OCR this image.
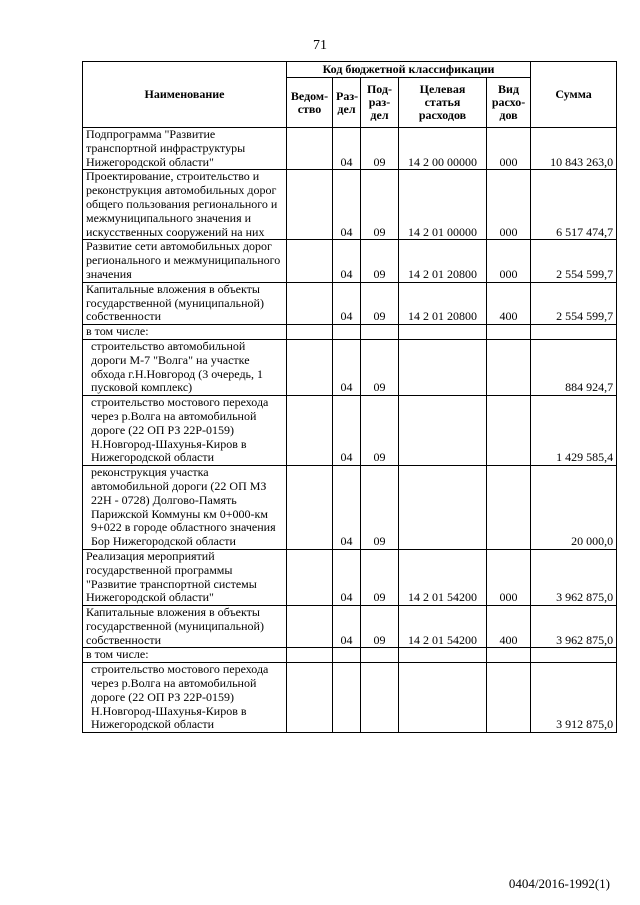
71
Наименование	Код бюджетной классификации					Сумма
	Ведом-ство	Раз-дел	Под-раз-дел	Целевая статья расходов	Вид расхо-дов	
Подпрограмма "Развитие транспортной инфраструктуры Нижегородской области"		04	09	14 2 00 00000	000	10 843 263,0
Проектирование, строительство и реконструкция автомобильных дорог общего пользования регионального и межмуниципального значения и искусственных сооружений на них		04	09	14 2 01 00000	000	6 517 474,7
Развитие сети автомобильных дорог регионального и межмуниципального значения		04	09	14 2 01 20800	000	2 554 599,7
Капитальные вложения в объекты государственной (муниципальной) собственности		04	09	14 2 01 20800	400	2 554 599,7
в том числе:						
строительство автомобильной дороги М-7 "Волга" на участке обхода г.Н.Новгород (3 очередь, 1 пусковой комплекс)		04	09			884 924,7
строительство мостового перехода через р.Волга на автомобильной дороге (22 ОП РЗ 22Р-0159) Н.Новгород-Шахунья-Киров в Нижегородской области		04	09			1 429 585,4
реконструкция участка автомобильной дороги (22 ОП МЗ 22Н - 0728) Долгово-Память Парижской Коммуны км 0+000-км 9+022 в городе областного значения Бор Нижегородской области		04	09			20 000,0
Реализация мероприятий государственной программы "Развитие транспортной системы Нижегородской области"		04	09	14 2 01 54200	000	3 962 875,0
Капитальные вложения в объекты государственной (муниципальной) собственности		04	09	14 2 01 54200	400	3 962 875,0
в том числе:						
строительство мостового перехода через р.Волга на автомобильной дороге (22 ОП РЗ 22Р-0159) Н.Новгород-Шахунья-Киров в Нижегородской области						3 912 875,0
0404/2016-1992(1)
